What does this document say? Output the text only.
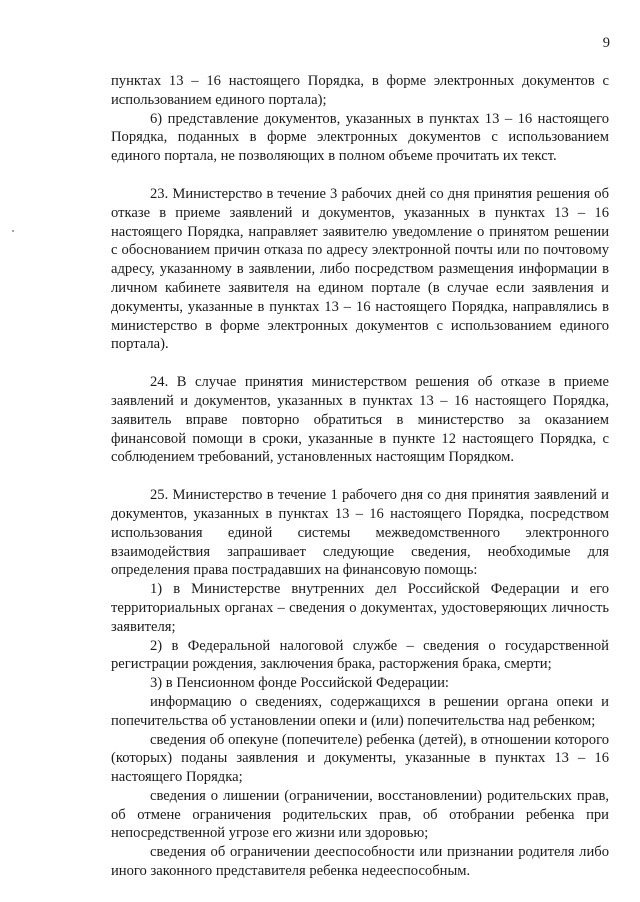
9

пунктах 13 – 16 настоящего Порядка, в форме электронных документов с использованием единого портала);

6) представление документов, указанных в пунктах 13 – 16 настоящего Порядка, поданных в форме электронных документов с использованием единого портала, не позволяющих в полном объеме прочитать их текст.

23. Министерство в течение 3 рабочих дней со дня принятия решения об отказе в приеме заявлений и документов, указанных в пунктах 13 – 16 настоящего Порядка, направляет заявителю уведомление о принятом решении с обоснованием причин отказа по адресу электронной почты или по почтовому адресу, указанному в заявлении, либо посредством размещения информации в личном кабинете заявителя на едином портале (в случае если заявления и документы, указанные в пунктах 13 – 16 настоящего Порядка, направлялись в министерство в форме электронных документов с использованием единого портала).

24. В случае принятия министерством решения об отказе в приеме заявлений и документов, указанных в пунктах 13 – 16 настоящего Порядка, заявитель вправе повторно обратиться в министерство за оказанием финансовой помощи в сроки, указанные в пункте 12 настоящего Порядка, с соблюдением требований, установленных настоящим Порядком.

25. Министерство в течение 1 рабочего дня со дня принятия заявлений и документов, указанных в пунктах 13 – 16 настоящего Порядка, посредством использования единой системы межведомственного электронного взаимодействия запрашивает следующие сведения, необходимые для определения права пострадавших на финансовую помощь:

1) в Министерстве внутренних дел Российской Федерации и его территориальных органах – сведения о документах, удостоверяющих личность заявителя;

2) в Федеральной налоговой службе – сведения о государственной регистрации рождения, заключения брака, расторжения брака, смерти;

3) в Пенсионном фонде Российской Федерации:

информацию о сведениях, содержащихся в решении органа опеки и попечительства об установлении опеки и (или) попечительства над ребенком;

сведения об опекуне (попечителе) ребенка (детей), в отношении которого (которых) поданы заявления и документы, указанные в пунктах 13 – 16 настоящего Порядка;

сведения о лишении (ограничении, восстановлении) родительских прав, об отмене ограничения родительских прав, об отобрании ребенка при непосредственной угрозе его жизни или здоровью;

сведения об ограничении дееспособности или признании родителя либо иного законного представителя ребенка недееспособным.
